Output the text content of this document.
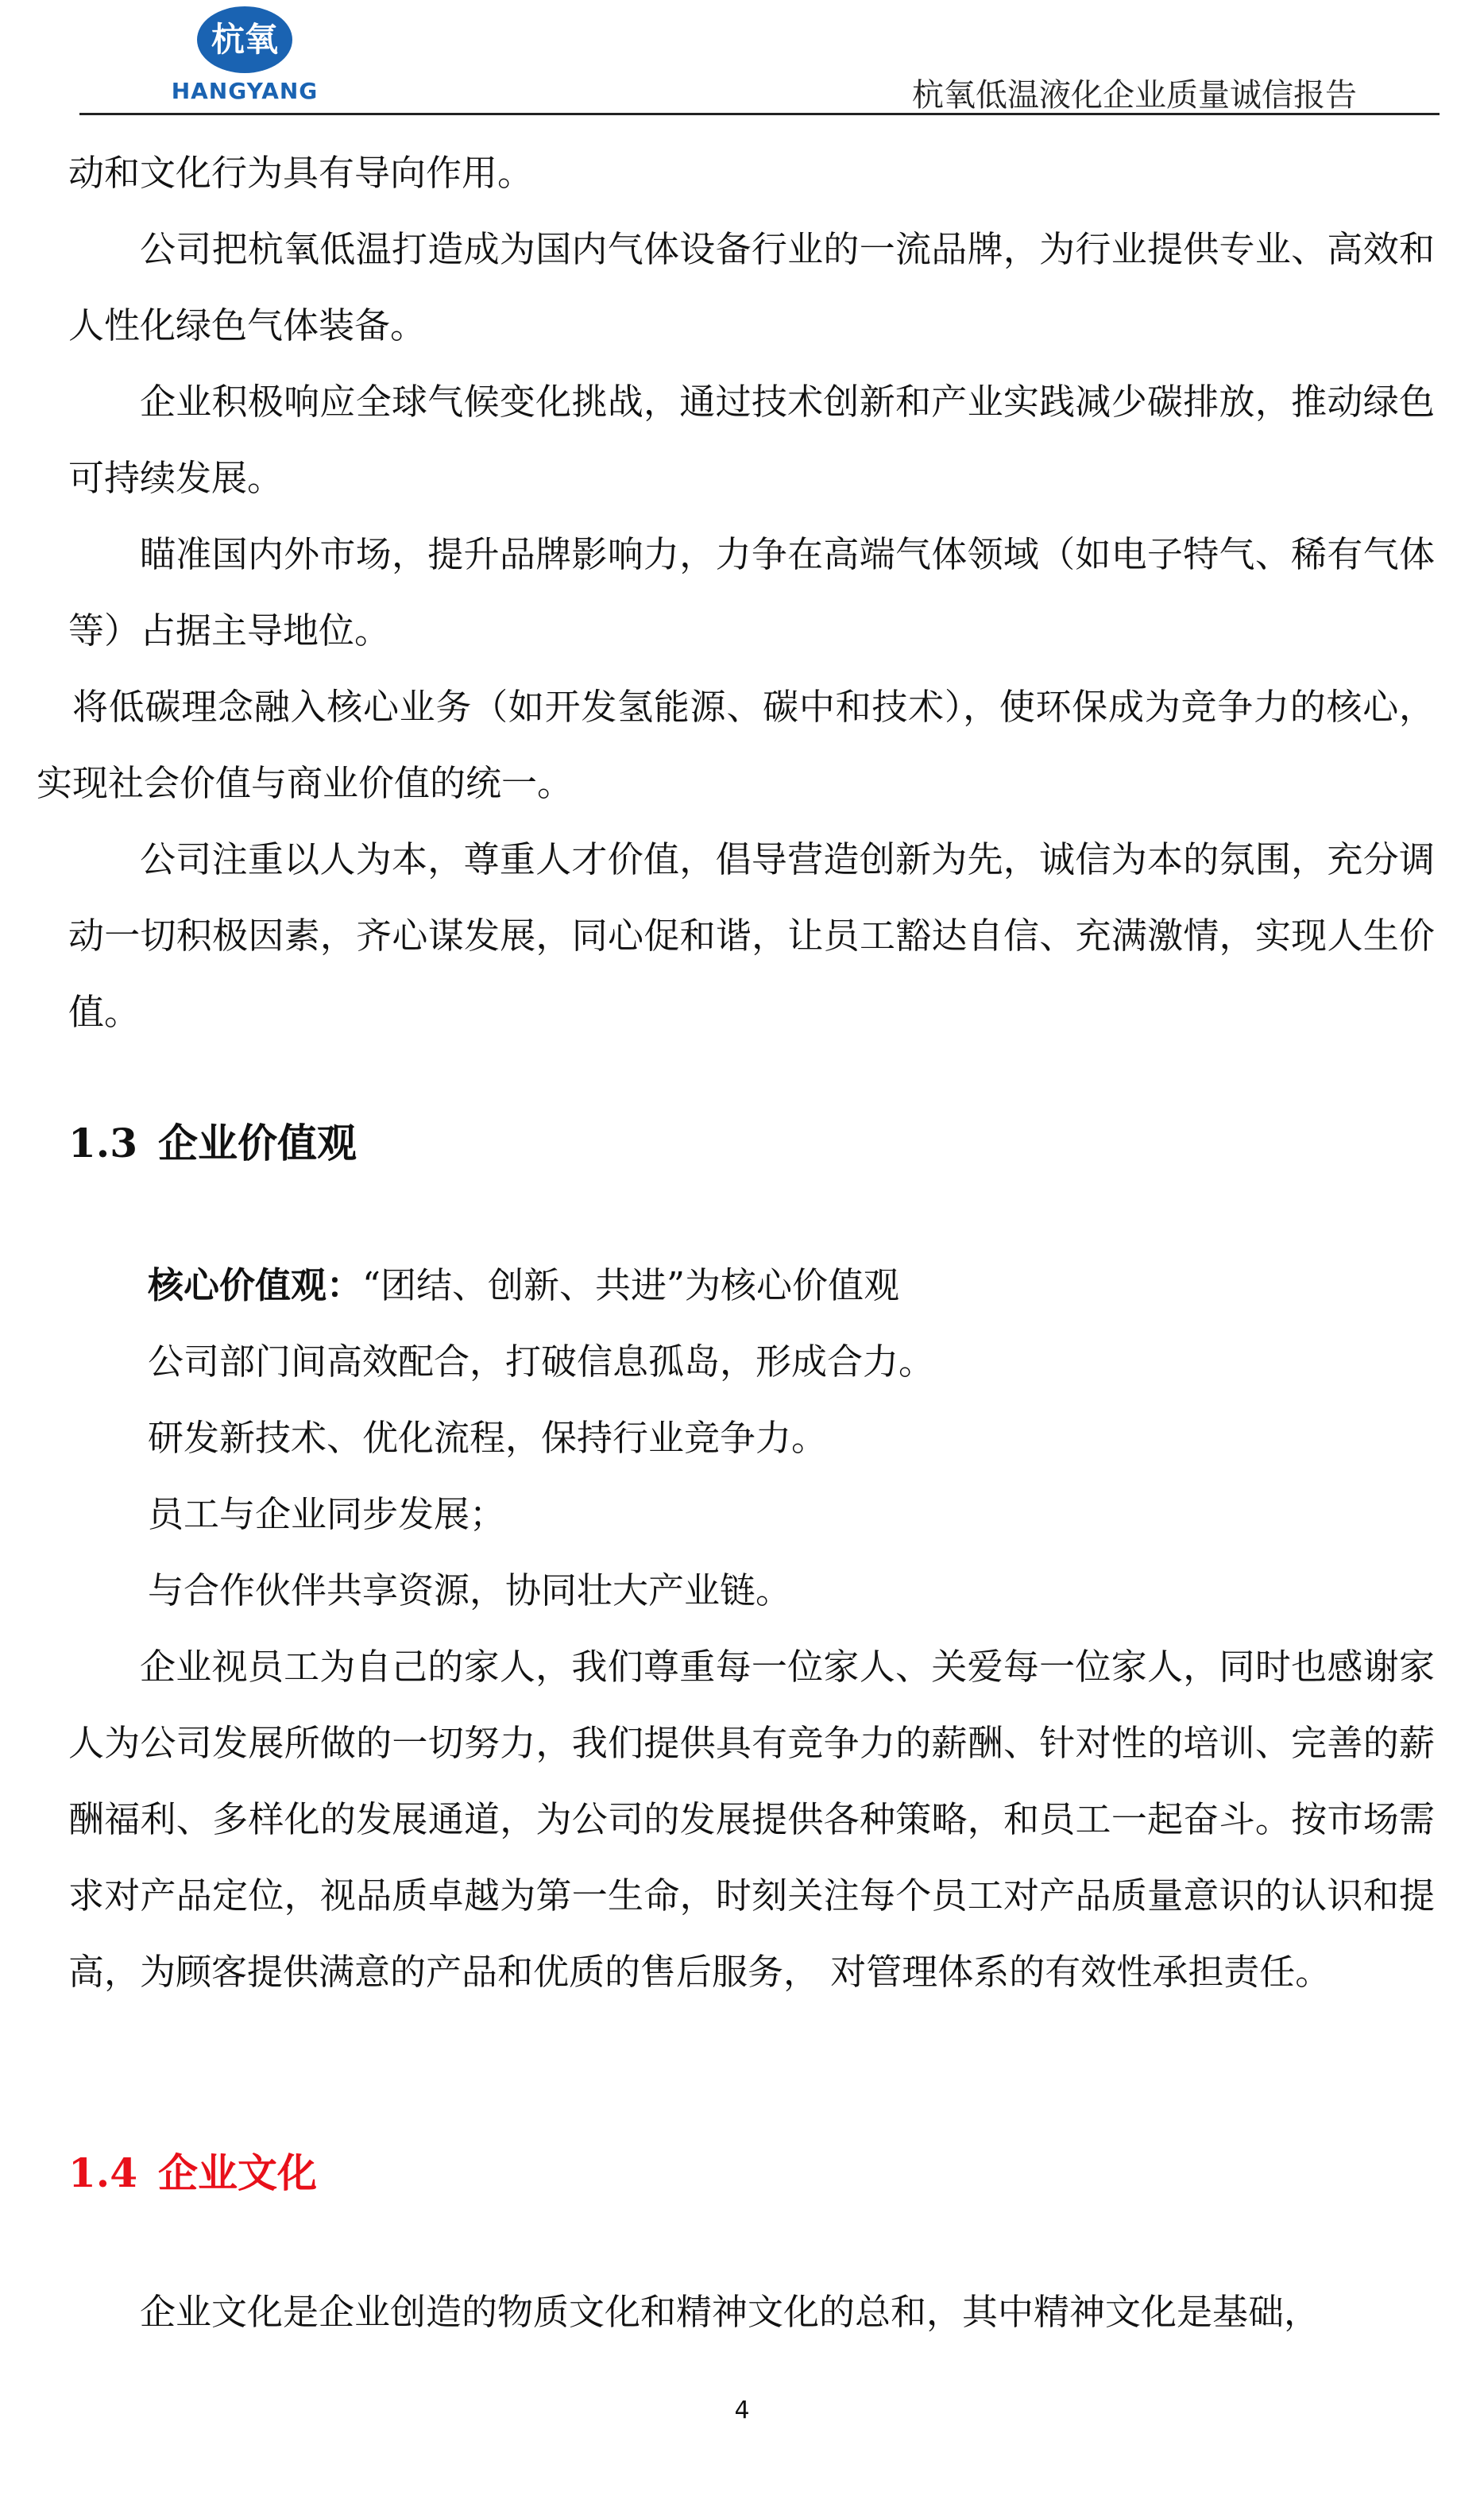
杭氧
HANGYANG	杭氧低温液化企业质量诚信报告

动和文化行为具有导向作用。

公司把杭氧低温打造成为国内气体设备行业的一流品牌，为行业提供专业、高效和人性化绿色气体装备。

企业积极响应全球气候变化挑战，通过技术创新和产业实践减少碳排放，推动绿色可持续发展。

瞄准国内外市场，提升品牌影响力，力争在高端气体领域（如电子特气、稀有气体等）占据主导地位。

将低碳理念融入核心业务（如开发氢能源、碳中和技术），使环保成为竞争力的核心，实现社会价值与商业价值的统一。

公司注重以人为本，尊重人才价值，倡导营造创新为先，诚信为本的氛围，充分调动一切积极因素，齐心谋发展，同心促和谐，让员工豁达自信、充满激情，实现人生价值。

1.3 企业价值观

核心价值观：“团结、创新、共进”为核心价值观

公司部门间高效配合，打破信息孤岛，形成合力。

研发新技术、优化流程，保持行业竞争力。

员工与企业同步发展；

与合作伙伴共享资源，协同壮大产业链。

企业视员工为自己的家人，我们尊重每一位家人、关爱每一位家人，同时也感谢家人为公司发展所做的一切努力，我们提供具有竞争力的薪酬、针对性的培训、完善的薪酬福利、多样化的发展通道，为公司的发展提供各种策略，和员工一起奋斗。按市场需求对产品定位，视品质卓越为第一生命，时刻关注每个员工对产品质量意识的认识和提高，为顾客提供满意的产品和优质的售后服务， 对管理体系的有效性承担责任。

1.4 企业文化

企业文化是企业创造的物质文化和精神文化的总和，其中精神文化是基础，

4
